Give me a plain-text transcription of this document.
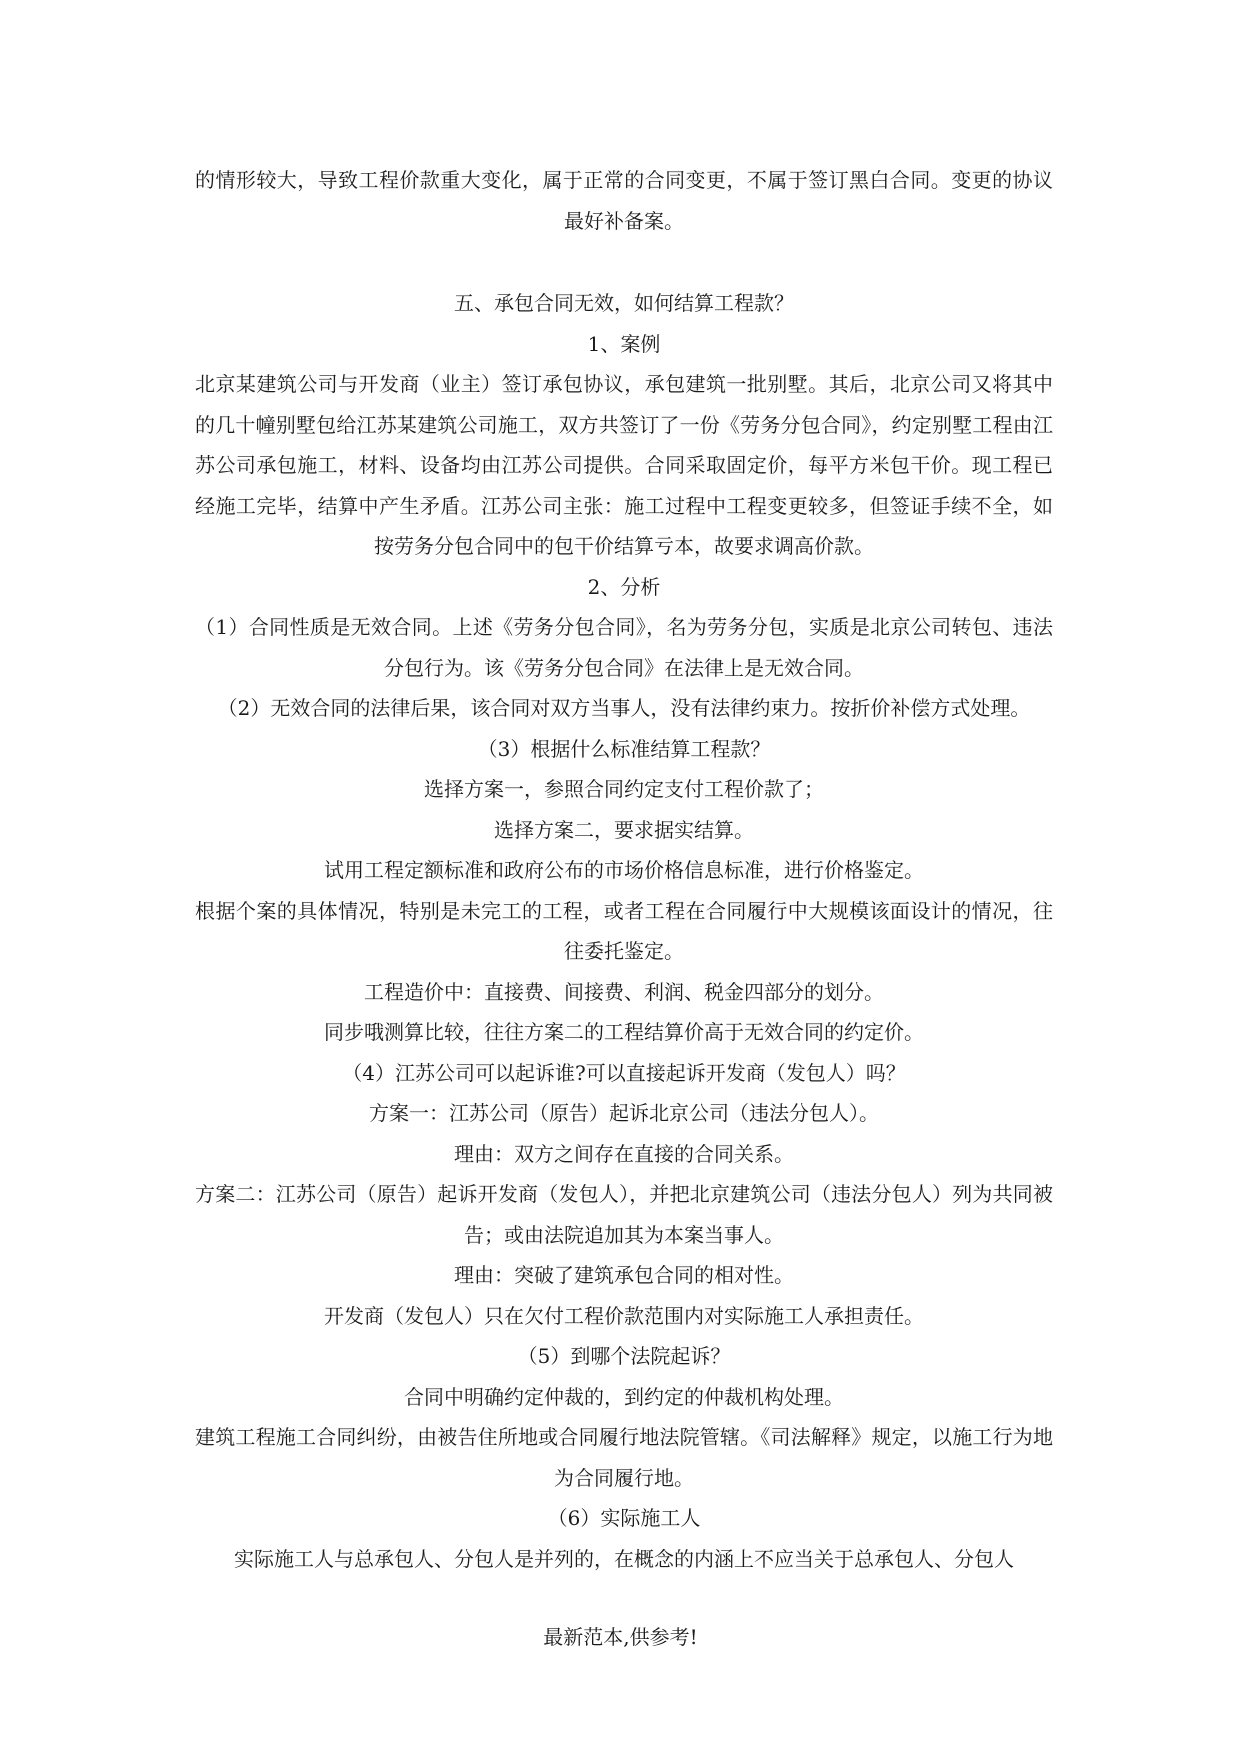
的情形较大，导致工程价款重大变化，属于正常的合同变更，不属于签订黑白合同。变更的协议最好补备案。

五、承包合同无效，如何结算工程款？

1、案例

北京某建筑公司与开发商（业主）签订承包协议，承包建筑一批别墅。其后，北京公司又将其中的几十幢别墅包给江苏某建筑公司施工，双方共签订了一份《劳务分包合同》，约定别墅工程由江苏公司承包施工，材料、设备均由江苏公司提供。合同采取固定价，每平方米包干价。现工程已经施工完毕，结算中产生矛盾。江苏公司主张：施工过程中工程变更较多，但签证手续不全，如按劳务分包合同中的包干价结算亏本，故要求调高价款。

2、分析

（1）合同性质是无效合同。上述《劳务分包合同》，名为劳务分包，实质是北京公司转包、违法分包行为。该《劳务分包合同》在法律上是无效合同。

（2）无效合同的法律后果，该合同对双方当事人，没有法律约束力。按折价补偿方式处理。

（3）根据什么标准结算工程款？

选择方案一，参照合同约定支付工程价款了；

选择方案二，要求据实结算。

试用工程定额标准和政府公布的市场价格信息标准，进行价格鉴定。

根据个案的具体情况，特别是未完工的工程，或者工程在合同履行中大规模该面设计的情况，往往委托鉴定。

工程造价中：直接费、间接费、利润、税金四部分的划分。

同步哦测算比较，往往方案二的工程结算价高于无效合同的约定价。

（4）江苏公司可以起诉谁?可以直接起诉开发商（发包人）吗？

方案一：江苏公司（原告）起诉北京公司（违法分包人）。

理由：双方之间存在直接的合同关系。

方案二：江苏公司（原告）起诉开发商（发包人），并把北京建筑公司（违法分包人）列为共同被告；或由法院追加其为本案当事人。

理由：突破了建筑承包合同的相对性。

开发商（发包人）只在欠付工程价款范围内对实际施工人承担责任。

（5）到哪个法院起诉？

合同中明确约定仲裁的，到约定的仲裁机构处理。

建筑工程施工合同纠纷，由被告住所地或合同履行地法院管辖。《司法解释》规定，以施工行为地为合同履行地。

（6）实际施工人

实际施工人与总承包人、分包人是并列的，在概念的内涵上不应当关于总承包人、分包人

最新范本,供参考!
